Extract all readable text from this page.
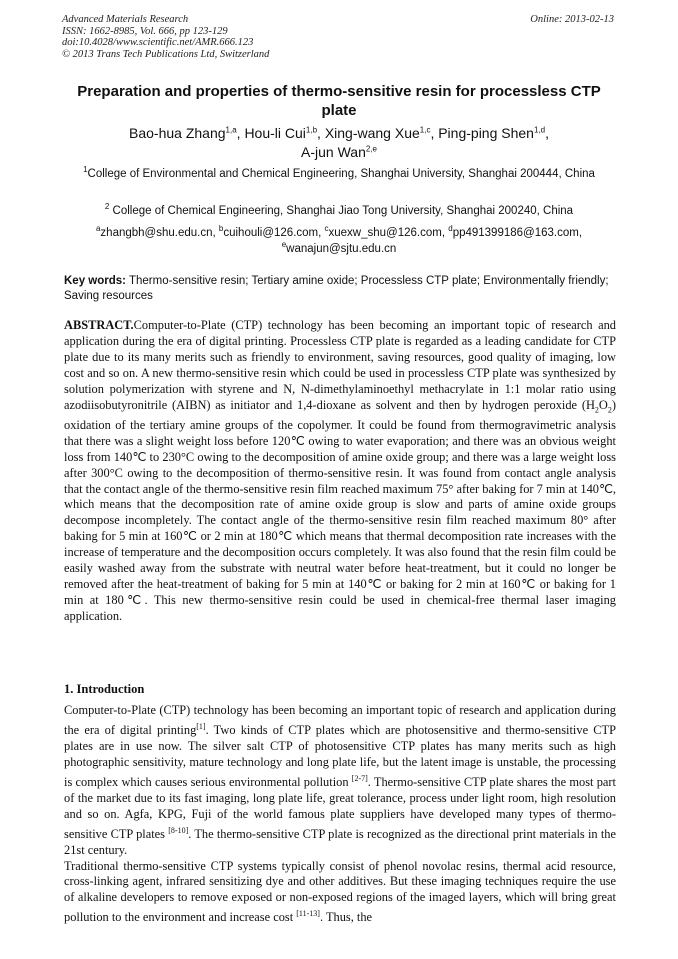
Advanced Materials Research
ISSN: 1662-8985, Vol. 666, pp 123-129
doi:10.4028/www.scientific.net/AMR.666.123
© 2013 Trans Tech Publications Ltd, Switzerland
Online: 2013-02-13
Preparation and properties of thermo-sensitive resin for processless CTP plate
Bao-hua Zhang$^{1,a}$, Hou-li Cui$^{1,b}$, Xing-wang Xue$^{1,c}$, Ping-ping Shen$^{1,d}$,
A-jun Wan$^{2,e}$
$^1$College of Environmental and Chemical Engineering, Shanghai University, Shanghai 200444, China
$^2$ College of Chemical Engineering, Shanghai Jiao Tong University, Shanghai 200240, China
$^a$zhangbh@shu.edu.cn, $^b$cuihouli@126.com, $^c$xuexw_shu@126.com, $^d$pp491399186@163.com,
$^e$wanajun@sjtu.edu.cn
Key words: Thermo-sensitive resin; Tertiary amine oxide; Processless CTP plate; Environmentally friendly; Saving resources
ABSTRACT.Computer-to-Plate (CTP) technology has been becoming an important topic of research and application during the era of digital printing. Processless CTP plate is regarded as a leading candidate for CTP plate due to its many merits such as friendly to environment, saving resources, good quality of imaging, low cost and so on. A new thermo-sensitive resin which could be used in processless CTP plate was synthesized by solution polymerization with styrene and N, N-dimethylaminoethyl methacrylate in 1:1 molar ratio using azodiisobutyronitrile (AIBN) as initiator and 1,4-dioxane as solvent and then by hydrogen peroxide $(H_2O_2)$ oxidation of the tertiary amine groups of the copolymer. It could be found from thermogravimetric analysis that there was a slight weight loss before 120℃ owing to water evaporation; and there was an obvious weight loss from 140℃ to 230°C owing to the decomposition of amine oxide group; and there was a large weight loss after 300°C owing to the decomposition of thermo-sensitive resin. It was found from contact angle analysis that the contact angle of the thermo-sensitive resin film reached maximum 75° after baking for 7 min at 140℃, which means that the decomposition rate of amine oxide group is slow and parts of amine oxide groups decompose incompletely. The contact angle of the thermo-sensitive resin film reached maximum 80° after baking for 5 min at 160℃ or 2 min at 180℃ which means that thermal decomposition rate increases with the increase of temperature and the decomposition occurs completely. It was also found that the resin film could be easily washed away from the substrate with neutral water before heat-treatment, but it could no longer be removed after the heat-treatment of baking for 5 min at 140℃ or baking for 2 min at 160℃ or baking for 1 min at 180℃. This new thermo-sensitive resin could be used in chemical-free thermal laser imaging application.
1. Introduction
Computer-to-Plate (CTP) technology has been becoming an important topic of research and application during the era of digital printing[1]. Two kinds of CTP plates which are photosensitive and thermo-sensitive CTP plates are in use now. The silver salt CTP of photosensitive CTP plates has many merits such as high photographic sensitivity, mature technology and long plate life, but the latent image is unstable, the processing is complex which causes serious environmental pollution [2-7]. Thermo-sensitive CTP plate shares the most part of the market due to its fast imaging, long plate life, great tolerance, process under light room, high resolution and so on. Agfa, KPG, Fuji of the world famous plate suppliers have developed many types of thermo-sensitive CTP plates [8-10]. The thermo-sensitive CTP plate is recognized as the directional print materials in the 21st century.
Traditional thermo-sensitive CTP systems typically consist of phenol novolac resins, thermal acid resource, cross-linking agent, infrared sensitizing dye and other additives. But these imaging techniques require the use of alkaline developers to remove exposed or non-exposed regions of the imaged layers, which will bring great pollution to the environment and increase cost [11-13]. Thus, the
